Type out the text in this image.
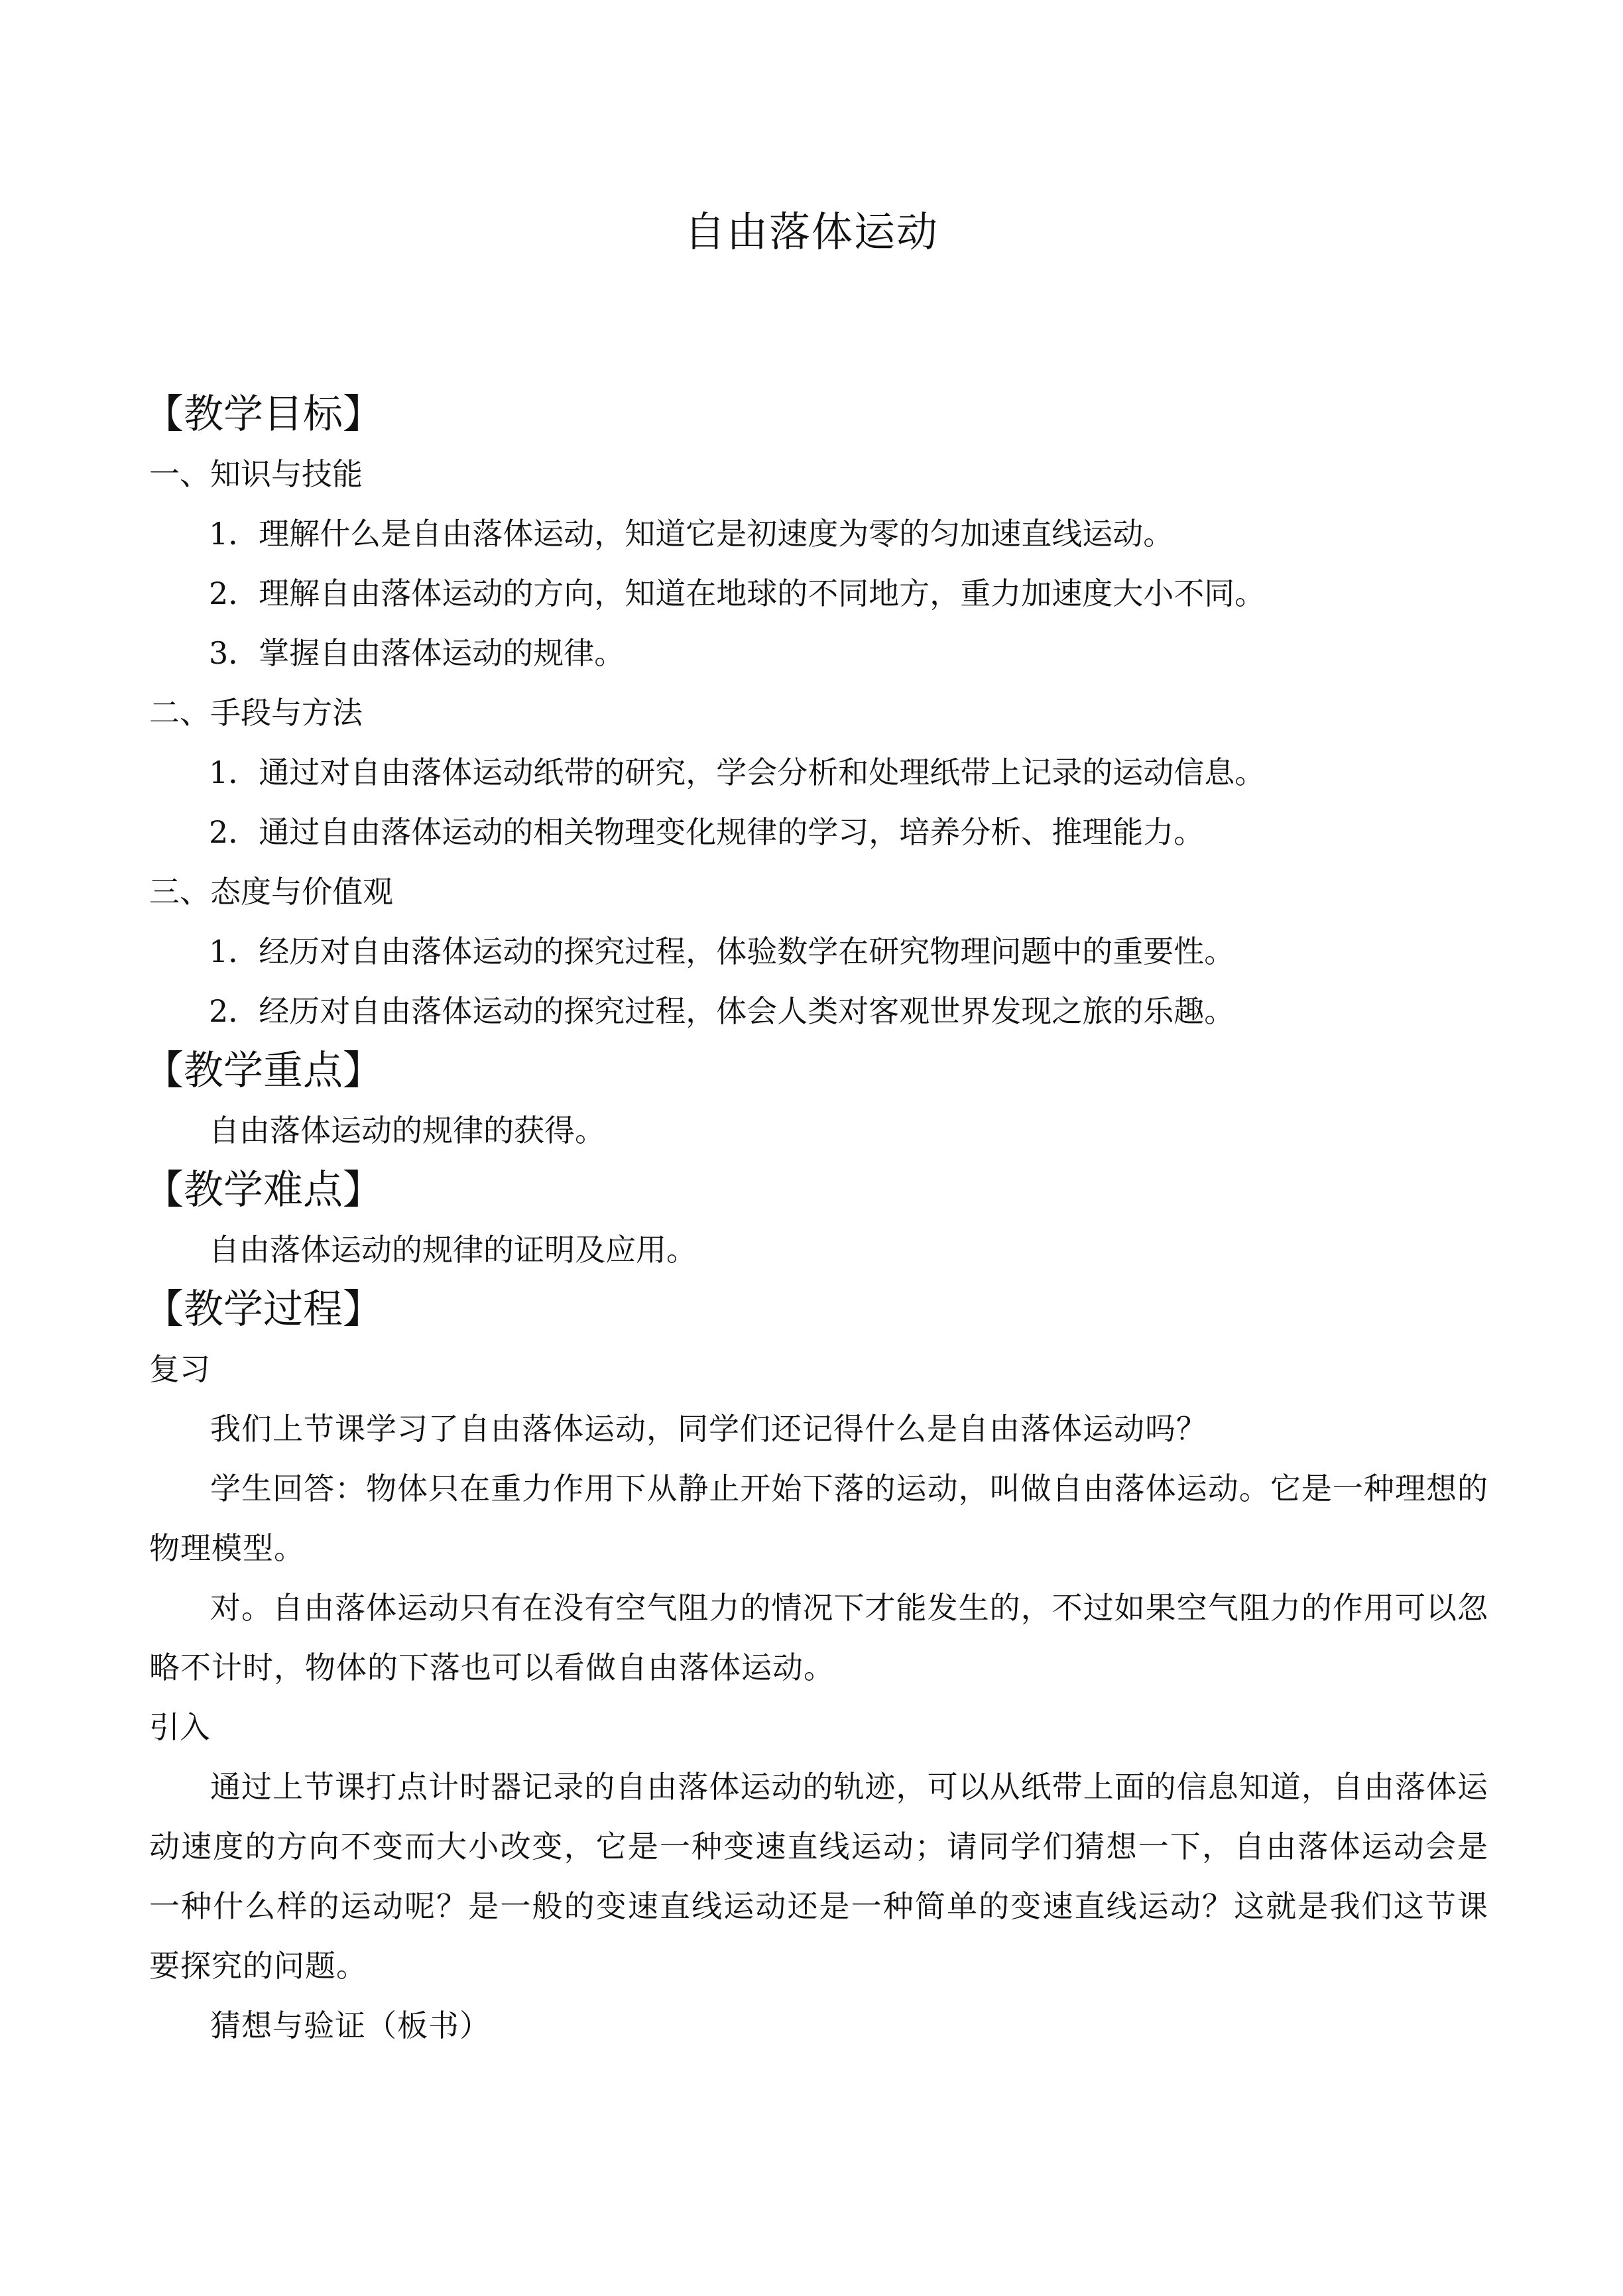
自由落体运动
【教学目标】
一、知识与技能
1．理解什么是自由落体运动，知道它是初速度为零的匀加速直线运动。
2．理解自由落体运动的方向，知道在地球的不同地方，重力加速度大小不同。
3．掌握自由落体运动的规律。
二、手段与方法
1．通过对自由落体运动纸带的研究，学会分析和处理纸带上记录的运动信息。
2．通过自由落体运动的相关物理变化规律的学习，培养分析、推理能力。
三、态度与价值观
1．经历对自由落体运动的探究过程，体验数学在研究物理问题中的重要性。
2．经历对自由落体运动的探究过程，体会人类对客观世界发现之旅的乐趣。
【教学重点】
自由落体运动的规律的获得。
【教学难点】
自由落体运动的规律的证明及应用。
【教学过程】
复习
我们上节课学习了自由落体运动，同学们还记得什么是自由落体运动吗？
学生回答：物体只在重力作用下从静止开始下落的运动，叫做自由落体运动。它是一种理想的物理模型。
对。自由落体运动只有在没有空气阻力的情况下才能发生的，不过如果空气阻力的作用可以忽略不计时，物体的下落也可以看做自由落体运动。
引入
通过上节课打点计时器记录的自由落体运动的轨迹，可以从纸带上面的信息知道，自由落体运动速度的方向不变而大小改变，它是一种变速直线运动；请同学们猜想一下，自由落体运动会是一种什么样的运动呢？是一般的变速直线运动还是一种简单的变速直线运动？这就是我们这节课要探究的问题。
猜想与验证（板书）
